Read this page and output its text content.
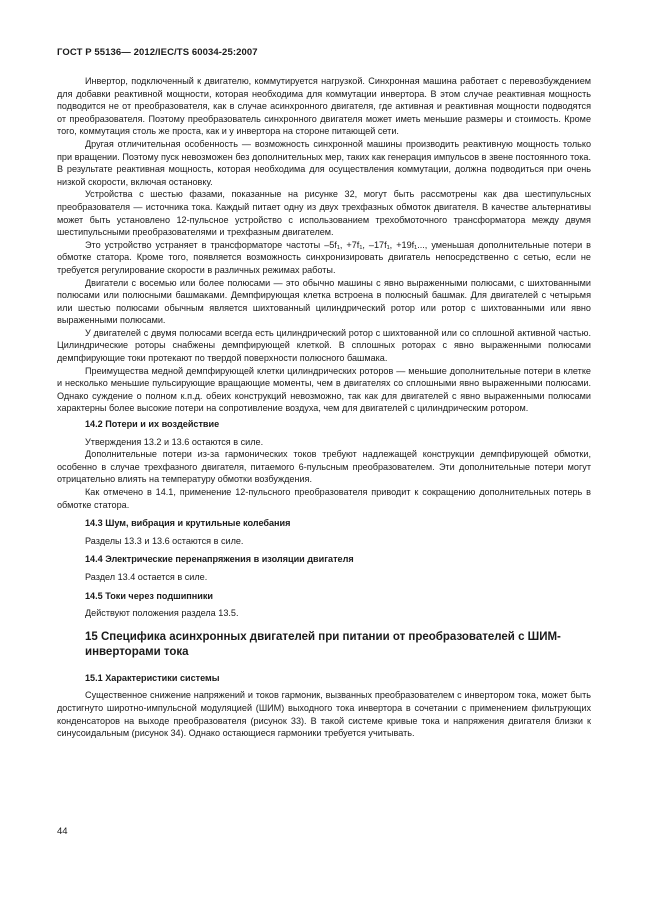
ГОСТ Р 55136— 2012/IEC/TS 60034-25:2007

Инвертор, подключенный к двигателю, коммутируется нагрузкой. Синхронная машина работает с перевозбуждением для добавки реактивной мощности, которая необходима для коммутации инвертора. В этом случае реактивная мощность подводится не от преобразователя, как в случае асинхронного двигателя, где активная и реактивная мощности подводятся от преобразователя. Поэтому преобразователь синхронного двигателя может иметь меньшие размеры и стоимость. Кроме того, коммутация столь же проста, как и у инвертора на стороне питающей сети.

Другая отличительная особенность — возможность синхронной машины производить реактивную мощность только при вращении. Поэтому пуск невозможен без дополнительных мер, таких как генерация импульсов в звене постоянного тока. В результате реактивная мощность, которая необходима для осуществления коммутации, должна подводиться при очень низкой скорости, включая остановку.

Устройства с шестью фазами, показанные на рисунке 32, могут быть рассмотрены как два шестипульсных преобразователя — источника тока. Каждый питает одну из двух трехфазных обмоток двигателя. В качестве альтернативы может быть установлено 12-пульсное устройство с использованием трехобмоточного трансформатора между двумя шестипульсными преобразователями и трехфазным двигателем.

Это устройство устраняет в трансформаторе частоты –5f₁, +7f₁, –17f₁, +19f₁..., уменьшая дополнительные потери в обмотке статора. Кроме того, появляется возможность синхронизировать двигатель непосредственно с сетью, если не требуется регулирование скорости в различных режимах работы.

Двигатели с восемью или более полюсами — это обычно машины с явно выраженными полюсами, с шихтованными полюсами или полюсными башмаками. Демпфирующая клетка встроена в полюсный башмак. Для двигателей с четырьмя или шестью полюсами обычным является шихтованный цилиндрический ротор или ротор с шихтованными или явно выраженными полюсами.

У двигателей с двумя полюсами всегда есть цилиндрический ротор с шихтованной или со сплошной активной частью. Цилиндрические роторы снабжены демпфирующей клеткой. В сплошных роторах с явно выраженными полюсами демпфирующие токи протекают по твердой поверхности полюсного башмака.

Преимущества медной демпфирующей клетки цилиндрических роторов — меньшие дополнительные потери в клетке и несколько меньшие пульсирующие вращающие моменты, чем в двигателях со сплошными явно выраженными полюсами. Однако суждение о полном к.п.д. обеих конструкций невозможно, так как для двигателей с явно выраженными полюсами характерны более высокие потери на сопротивление воздуха, чем для двигателей с цилиндрическим ротором.

14.2 Потери и их воздействие

Утверждения 13.2 и 13.6 остаются в силе.

Дополнительные потери из-за гармонических токов требуют надлежащей конструкции демпфирующей обмотки, особенно в случае трехфазного двигателя, питаемого 6-пульсным преобразователем. Эти дополнительные потери могут отрицательно влиять на температуру обмотки возбуждения.

Как отмечено в 14.1, применение 12-пульсного преобразователя приводит к сокращению дополнительных потерь в обмотке статора.

14.3 Шум, вибрация и крутильные колебания

Разделы 13.3 и 13.6 остаются в силе.

14.4 Электрические перенапряжения в изоляции двигателя

Раздел 13.4 остается в силе.

14.5 Токи через подшипники

Действуют положения раздела 13.5.

15 Специфика асинхронных двигателей при питании от преобразователей с ШИМ-инверторами тока
15.1 Характеристики системы

Существенное снижение напряжений и токов гармоник, вызванных преобразователем с инвертором тока, может быть достигнуто широтно-импульсной модуляцией (ШИМ) выходного тока инвертора в сочетании с применением фильтрующих конденсаторов на выходе преобразователя (рисунок 33). В такой системе кривые тока и напряжения двигателя близки к синусоидальным (рисунок 34). Однако остающиеся гармоники требуется учитывать.

44
